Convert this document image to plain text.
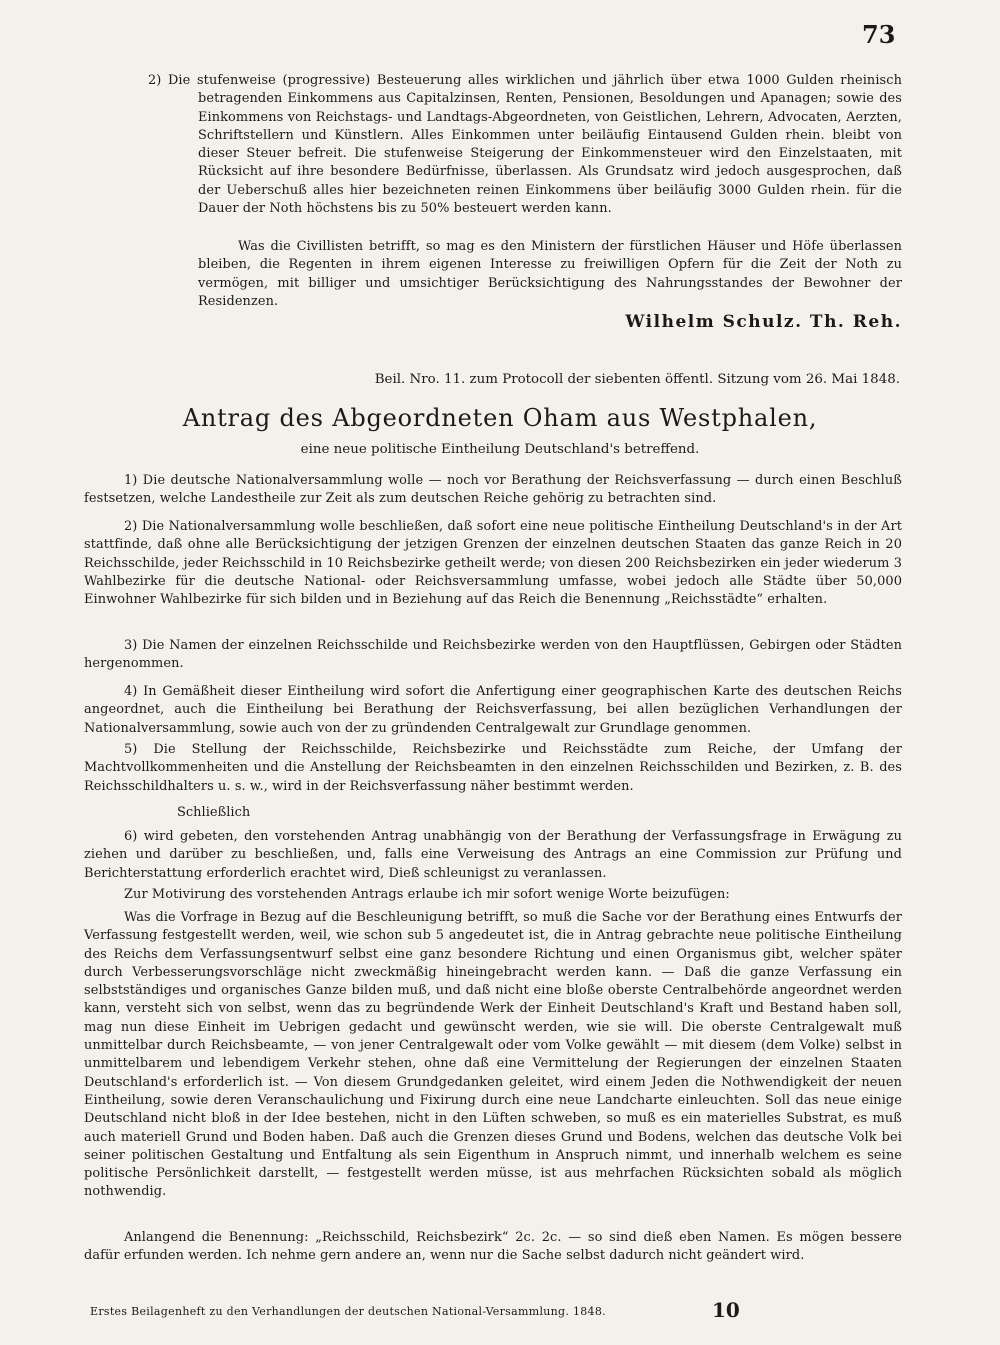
73

2) Die stufenweise (progressive) Besteuerung alles wirklichen und jährlich über etwa 1000 Gulden rheinisch betragenden Einkommens aus Capitalzinsen, Renten, Pensionen, Besoldungen und Apanagen; sowie des Einkommens von Reichstags- und Landtags-Abgeordneten, von Geistlichen, Lehrern, Advocaten, Aerzten, Schriftstellern und Künstlern. Alles Einkommen unter beiläufig Eintausend Gulden rhein. bleibt von dieser Steuer befreit. Die stufenweise Steigerung der Einkommensteuer wird den Einzelstaaten, mit Rücksicht auf ihre besondere Bedürfnisse, überlassen. Als Grundsatz wird jedoch ausgesprochen, daß der Ueberschuß alles hier bezeichneten reinen Einkommens über beiläufig 3000 Gulden rhein. für die Dauer der Noth höchstens bis zu 50% besteuert werden kann.

Was die Civillisten betrifft, so mag es den Ministern der fürstlichen Häuser und Höfe überlassen bleiben, die Regenten in ihrem eigenen Interesse zu freiwilligen Opfern für die Zeit der Noth zu vermögen, mit billiger und umsichtiger Berücksichtigung des Nahrungsstandes der Bewohner der Residenzen.

Wilhelm Schulz. Th. Reh.
Beil. Nro. 11. zum Protocoll der siebenten öffentl. Sitzung vom 26. Mai 1848.
Antrag des Abgeordneten Oham aus Westphalen,
eine neue politische Eintheilung Deutschland's betreffend.

1) Die deutsche Nationalversammlung wolle — noch vor Berathung der Reichsverfassung — durch einen Beschluß festsetzen, welche Landestheile zur Zeit als zum deutschen Reiche gehörig zu betrachten sind.

2) Die Nationalversammlung wolle beschließen, daß sofort eine neue politische Eintheilung Deutschland's in der Art stattfinde, daß ohne alle Berücksichtigung der jetzigen Grenzen der einzelnen deutschen Staaten das ganze Reich in 20 Reichsschilde, jeder Reichsschild in 10 Reichsbezirke getheilt werde; von diesen 200 Reichsbezirken ein jeder wiederum 3 Wahlbezirke für die deutsche National- oder Reichsversammlung umfasse, wobei jedoch alle Städte über 50,000 Einwohner Wahlbezirke für sich bilden und in Beziehung auf das Reich die Benennung „Reichsstädte“ erhalten.

3) Die Namen der einzelnen Reichsschilde und Reichsbezirke werden von den Hauptflüssen, Gebirgen oder Städten hergenommen.

4) In Gemäßheit dieser Eintheilung wird sofort die Anfertigung einer geographischen Karte des deutschen Reichs angeordnet, auch die Eintheilung bei Berathung der Reichsverfassung, bei allen bezüglichen Verhandlungen der Nationalversammlung, sowie auch von der zu gründenden Centralgewalt zur Grundlage genommen.

5) Die Stellung der Reichsschilde, Reichsbezirke und Reichsstädte zum Reiche, der Umfang der Machtvollkommenheiten und die Anstellung der Reichsbeamten in den einzelnen Reichsschilden und Bezirken, z. B. des Reichsschildhalters u. s. w., wird in der Reichsverfassung näher bestimmt werden.

Schließlich

6) wird gebeten, den vorstehenden Antrag unabhängig von der Berathung der Verfassungsfrage in Erwägung zu ziehen und darüber zu beschließen, und, falls eine Verweisung des Antrags an eine Commission zur Prüfung und Berichterstattung erforderlich erachtet wird, Dieß schleunigst zu veranlassen.

Zur Motivirung des vorstehenden Antrags erlaube ich mir sofort wenige Worte beizufügen:

Was die Vorfrage in Bezug auf die Beschleunigung betrifft, so muß die Sache vor der Berathung eines Entwurfs der Verfassung festgestellt werden, weil, wie schon sub 5 angedeutet ist, die in Antrag gebrachte neue politische Eintheilung des Reichs dem Verfassungsentwurf selbst eine ganz besondere Richtung und einen Organismus gibt, welcher später durch Verbesserungsvorschläge nicht zweckmäßig hineingebracht werden kann. — Daß die ganze Verfassung ein selbstständiges und organisches Ganze bilden muß, und daß nicht eine bloße oberste Centralbehörde angeordnet werden kann, versteht sich von selbst, wenn das zu begründende Werk der Einheit Deutschland's Kraft und Bestand haben soll, mag nun diese Einheit im Uebrigen gedacht und gewünscht werden, wie sie will. Die oberste Centralgewalt muß unmittelbar durch Reichsbeamte, — von jener Centralgewalt oder vom Volke gewählt — mit diesem (dem Volke) selbst in unmittelbarem und lebendigem Verkehr stehen, ohne daß eine Vermittelung der Regierungen der einzelnen Staaten Deutschland's erforderlich ist. — Von diesem Grundgedanken geleitet, wird einem Jeden die Nothwendigkeit der neuen Eintheilung, sowie deren Veranschaulichung und Fixirung durch eine neue Landcharte einleuchten. Soll das neue einige Deutschland nicht bloß in der Idee bestehen, nicht in den Lüften schweben, so muß es ein materielles Substrat, es muß auch materiell Grund und Boden haben. Daß auch die Grenzen dieses Grund und Bodens, welchen das deutsche Volk bei seiner politischen Gestaltung und Entfaltung als sein Eigenthum in Anspruch nimmt, und innerhalb welchem es seine politische Persönlichkeit darstellt, — festgestellt werden müsse, ist aus mehrfachen Rücksichten sobald als möglich nothwendig.

Anlangend die Benennung: „Reichsschild, Reichsbezirk“ 2c. 2c. — so sind dieß eben Namen. Es mögen bessere dafür erfunden werden. Ich nehme gern andere an, wenn nur die Sache selbst dadurch nicht geändert wird.

Erstes Beilagenheft zu den Verhandlungen der deutschen National-Versammlung. 1848.	10
